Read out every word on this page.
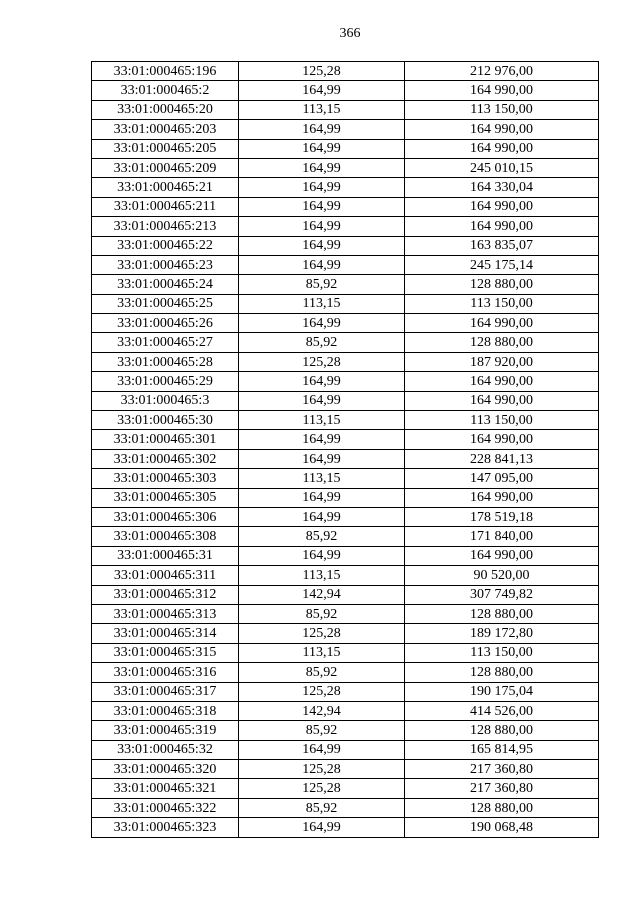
366
33:01:000465:196	125,28	212 976,00
33:01:000465:2	164,99	164 990,00
33:01:000465:20	113,15	113 150,00
33:01:000465:203	164,99	164 990,00
33:01:000465:205	164,99	164 990,00
33:01:000465:209	164,99	245 010,15
33:01:000465:21	164,99	164 330,04
33:01:000465:211	164,99	164 990,00
33:01:000465:213	164,99	164 990,00
33:01:000465:22	164,99	163 835,07
33:01:000465:23	164,99	245 175,14
33:01:000465:24	85,92	128 880,00
33:01:000465:25	113,15	113 150,00
33:01:000465:26	164,99	164 990,00
33:01:000465:27	85,92	128 880,00
33:01:000465:28	125,28	187 920,00
33:01:000465:29	164,99	164 990,00
33:01:000465:3	164,99	164 990,00
33:01:000465:30	113,15	113 150,00
33:01:000465:301	164,99	164 990,00
33:01:000465:302	164,99	228 841,13
33:01:000465:303	113,15	147 095,00
33:01:000465:305	164,99	164 990,00
33:01:000465:306	164,99	178 519,18
33:01:000465:308	85,92	171 840,00
33:01:000465:31	164,99	164 990,00
33:01:000465:311	113,15	90 520,00
33:01:000465:312	142,94	307 749,82
33:01:000465:313	85,92	128 880,00
33:01:000465:314	125,28	189 172,80
33:01:000465:315	113,15	113 150,00
33:01:000465:316	85,92	128 880,00
33:01:000465:317	125,28	190 175,04
33:01:000465:318	142,94	414 526,00
33:01:000465:319	85,92	128 880,00
33:01:000465:32	164,99	165 814,95
33:01:000465:320	125,28	217 360,80
33:01:000465:321	125,28	217 360,80
33:01:000465:322	85,92	128 880,00
33:01:000465:323	164,99	190 068,48
